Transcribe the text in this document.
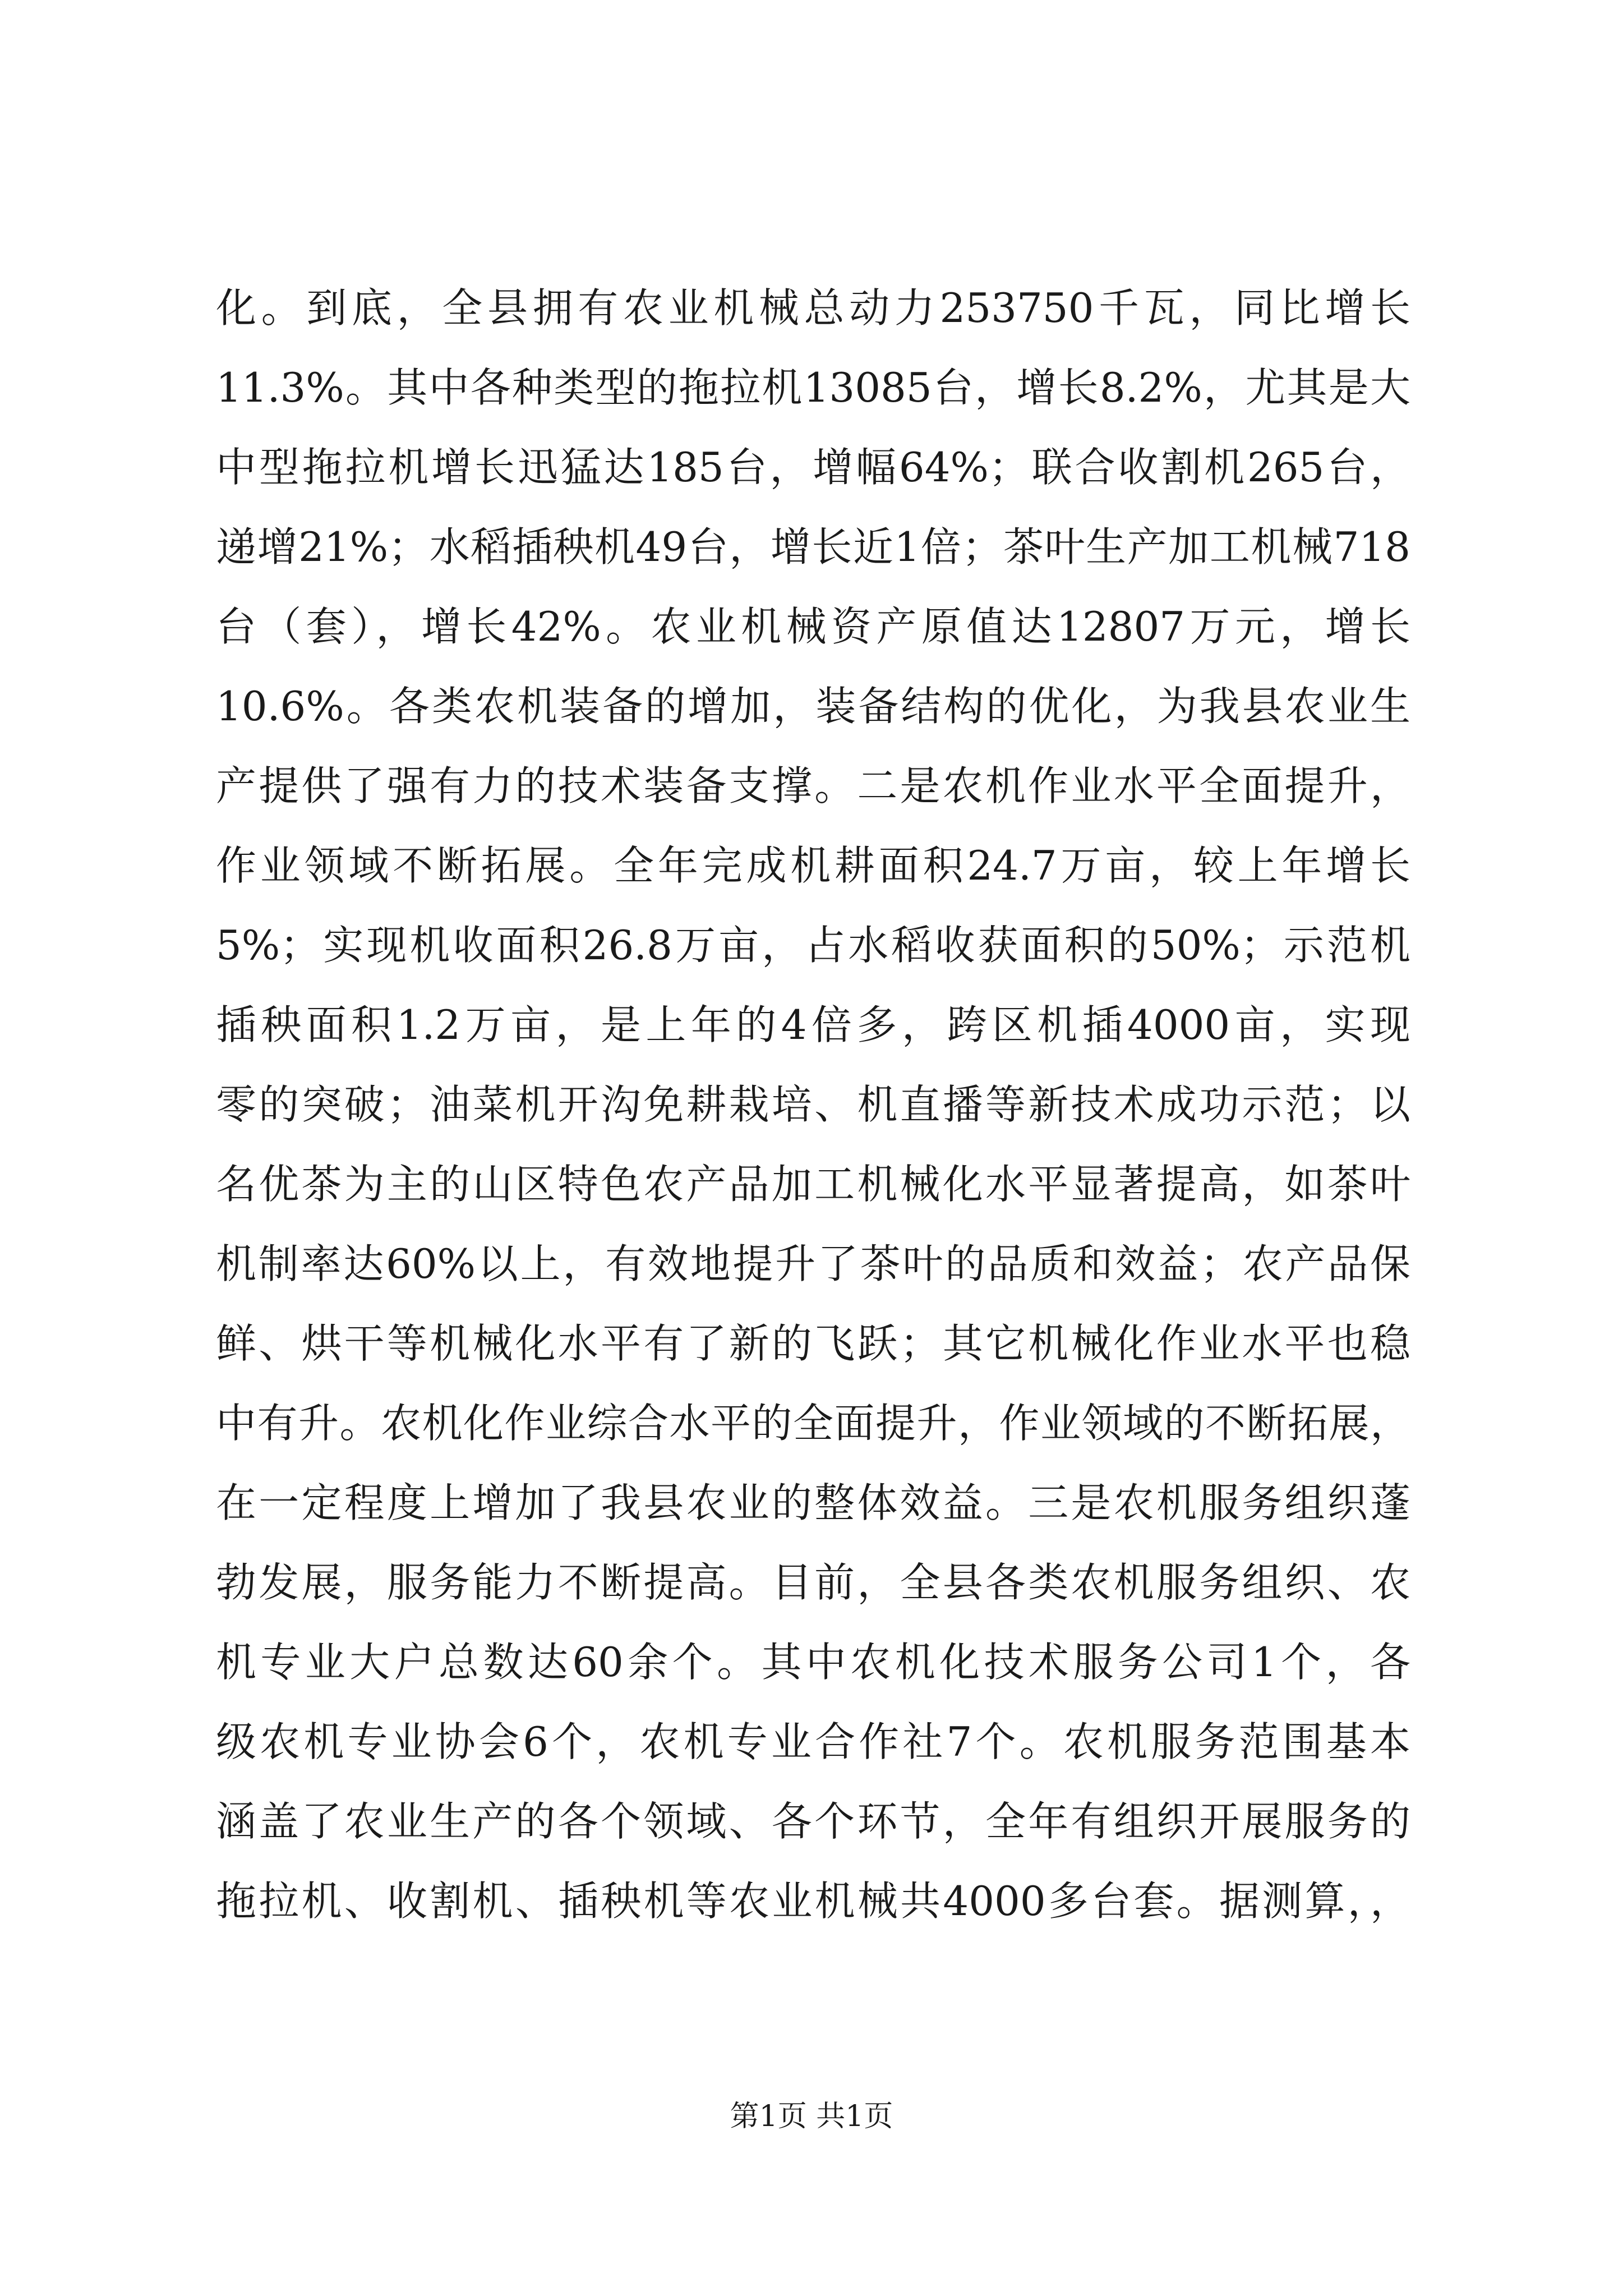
化。到底，全县拥有农业机械总动力253750千瓦，同比增长
11.3%。其中各种类型的拖拉机13085台，增长8.2%，尤其是大
中型拖拉机增长迅猛达185台，增幅64%；联合收割机265台，
递增21%；水稻插秧机49台，增长近1倍；茶叶生产加工机械718
台（套），增长42%。农业机械资产原值达12807万元，增长
10.6%。各类农机装备的增加，装备结构的优化，为我县农业生
产提供了强有力的技术装备支撑。二是农机作业水平全面提升，
作业领域不断拓展。全年完成机耕面积24.7万亩，较上年增长
5%；实现机收面积26.8万亩，占水稻收获面积的50%；示范机
插秧面积1.2万亩，是上年的4倍多，跨区机插4000亩，实现
零的突破；油菜机开沟免耕栽培、机直播等新技术成功示范；以
名优茶为主的山区特色农产品加工机械化水平显著提高，如茶叶
机制率达60%以上，有效地提升了茶叶的品质和效益；农产品保
鲜、烘干等机械化水平有了新的飞跃；其它机械化作业水平也稳
中有升。农机化作业综合水平的全面提升，作业领域的不断拓展，
在一定程度上增加了我县农业的整体效益。三是农机服务组织蓬
勃发展，服务能力不断提高。目前，全县各类农机服务组织、农
机专业大户总数达60余个。其中农机化技术服务公司1个，各
级农机专业协会6个，农机专业合作社7个。农机服务范围基本
涵盖了农业生产的各个领域、各个环节，全年有组织开展服务的
拖拉机、收割机、插秧机等农业机械共4000多台套。据测算，，
第1页 共1页
